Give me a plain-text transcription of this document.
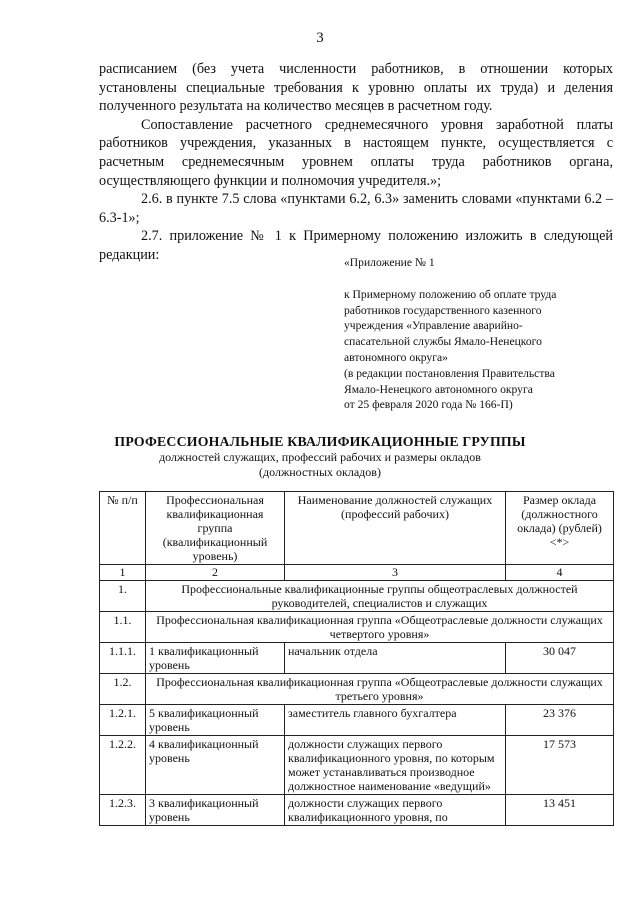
3

расписанием (без учета численности работников, в отношении которых установлены специальные требования к уровню оплаты их труда) и деления полученного результата на количество месяцев в расчетном году.

Сопоставление расчетного среднемесячного уровня заработной платы работников учреждения, указанных в настоящем пункте, осуществляется с расчетным среднемесячным уровнем оплаты труда работников органа, осуществляющего функции и полномочия учредителя.»;

2.6. в пункте 7.5 слова «пунктами 6.2, 6.3» заменить словами «пунктами 6.2 – 6.3-1»;

2.7. приложение № 1 к Примерному положению изложить в следующей редакции:	«Приложение № 1
к Примерному положению об оплате труда
работников государственного казенного
учреждения «Управление аварийно-
спасательной службы Ямало-Ненецкого
автономного округа»
(в редакции постановления Правительства
Ямало-Ненецкого автономного округа
от 25 февраля 2020 года № 166-П)
ПРОФЕССИОНАЛЬНЫЕ КВАЛИФИКАЦИОННЫЕ ГРУППЫ
должностей служащих, профессий рабочих и размеры окладов
(должностных окладов)
№ п/п	Профессиональная квалификационная группа (квалификационный уровень)	Наименование должностей служащих (профессий рабочих)	Размер оклада (должностного оклада) (рублей) <*>
1	2	3	4
1.	Профессиональные квалификационные группы общеотраслевых должностей руководителей, специалистов и служащих		
1.1.	Профессиональная квалификационная группа «Общеотраслевые должности служащих четвертого уровня»		
1.1.1.	1 квалификационный уровень	начальник отдела	30 047
1.2.	Профессиональная квалификационная группа «Общеотраслевые должности служащих третьего уровня»		
1.2.1.	5 квалификационный уровень	заместитель главного бухгалтера	23 376
1.2.2.	4 квалификационный уровень	должности служащих первого квалификационного уровня, по которым может устанавливаться производное должностное наименование «ведущий»	17 573
1.2.3.	3 квалификационный уровень	должности служащих первого квалификационного уровня, по	13 451
